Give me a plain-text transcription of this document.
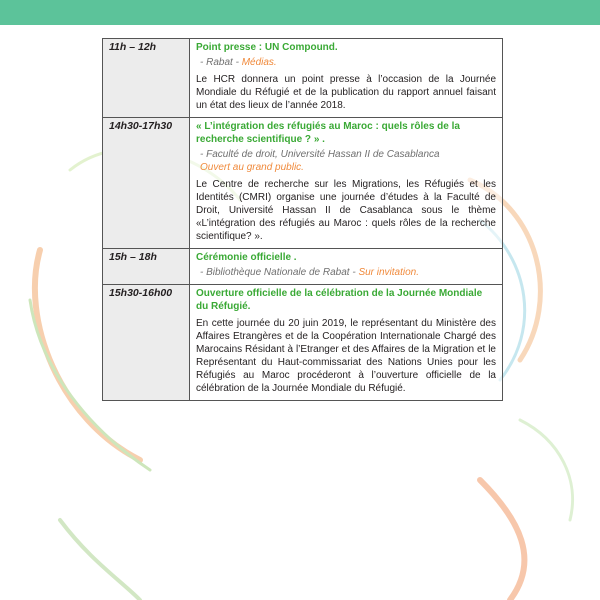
11h – 12h	Point presse : UN Compound.
- Rabat - Médias.
Le HCR donnera un point presse à l’occasion de la Journée Mondiale du Réfugié et de la publication du rapport annuel faisant un état des lieux de l’année 2018.

14h30-17h30	« L’intégration des réfugiés au Maroc : quels rôles de la recherche scientifique ? » .
- Faculté de droit, Université Hassan II de Casablanca
Ouvert au grand public.
Le Centre de recherche sur les Migrations, les Réfugiés et les Identités (CMRI) organise une journée d’études à la Faculté de Droit, Université Hassan II de Casablanca sous le thème «L’intégration des réfugiés au Maroc : quels rôles de la recherche scientifique? ».

15h – 18h	Cérémonie officielle .
- Bibliothèque Nationale de Rabat - Sur invitation.

15h30-16h00	Ouverture officielle de la célébration de la Journée Mondiale du Réfugié.
En cette journée du 20 juin 2019, le représentant du Ministère des Affaires Etrangères et de la Coopération Internationale Chargé des Marocains Résidant à l’Etranger et des Affaires de la Migration et le Représentant du Haut-commissariat des Nations Unies pour les Réfugiés au Maroc procéderont à l’ouverture officielle de la célébration de la Journée Mondiale du Réfugié.
